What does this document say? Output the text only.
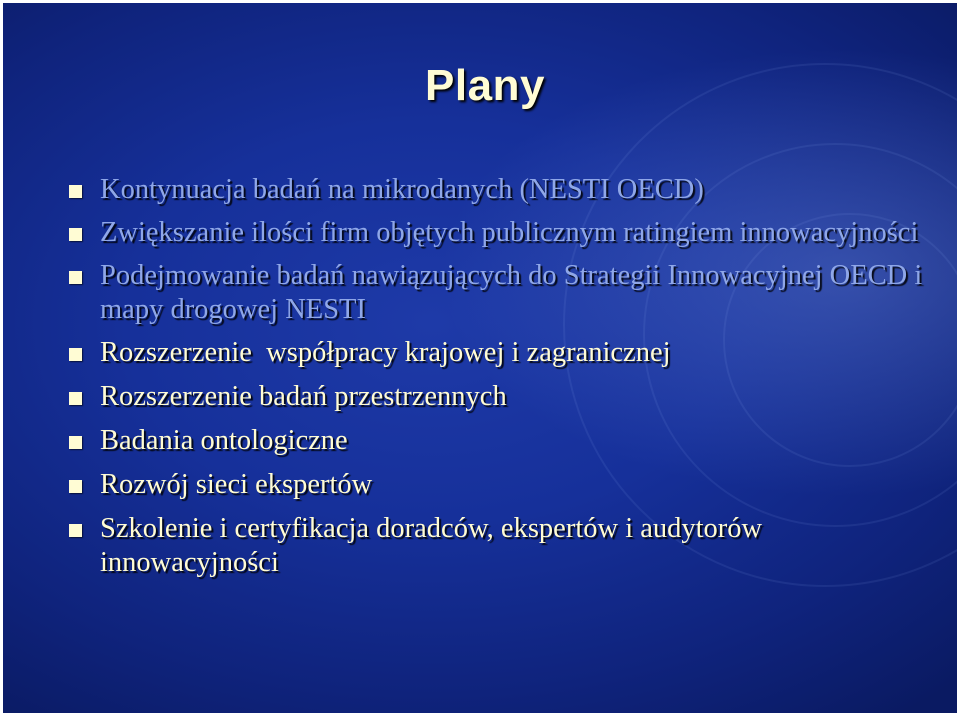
Plany
Kontynuacja badań na mikrodanych (NESTI OECD)
Zwiększanie ilości firm objętych publicznym ratingiem innowacyjności
Podejmowanie badań nawiązujących do Strategii Innowacyjnej OECD i mapy drogowej NESTI
Rozszerzenie  współpracy krajowej i zagranicznej
Rozszerzenie badań przestrzennych
Badania ontologiczne
Rozwój sieci ekspertów
Szkolenie i certyfikacja doradców, ekspertów i audytorów innowacyjności
